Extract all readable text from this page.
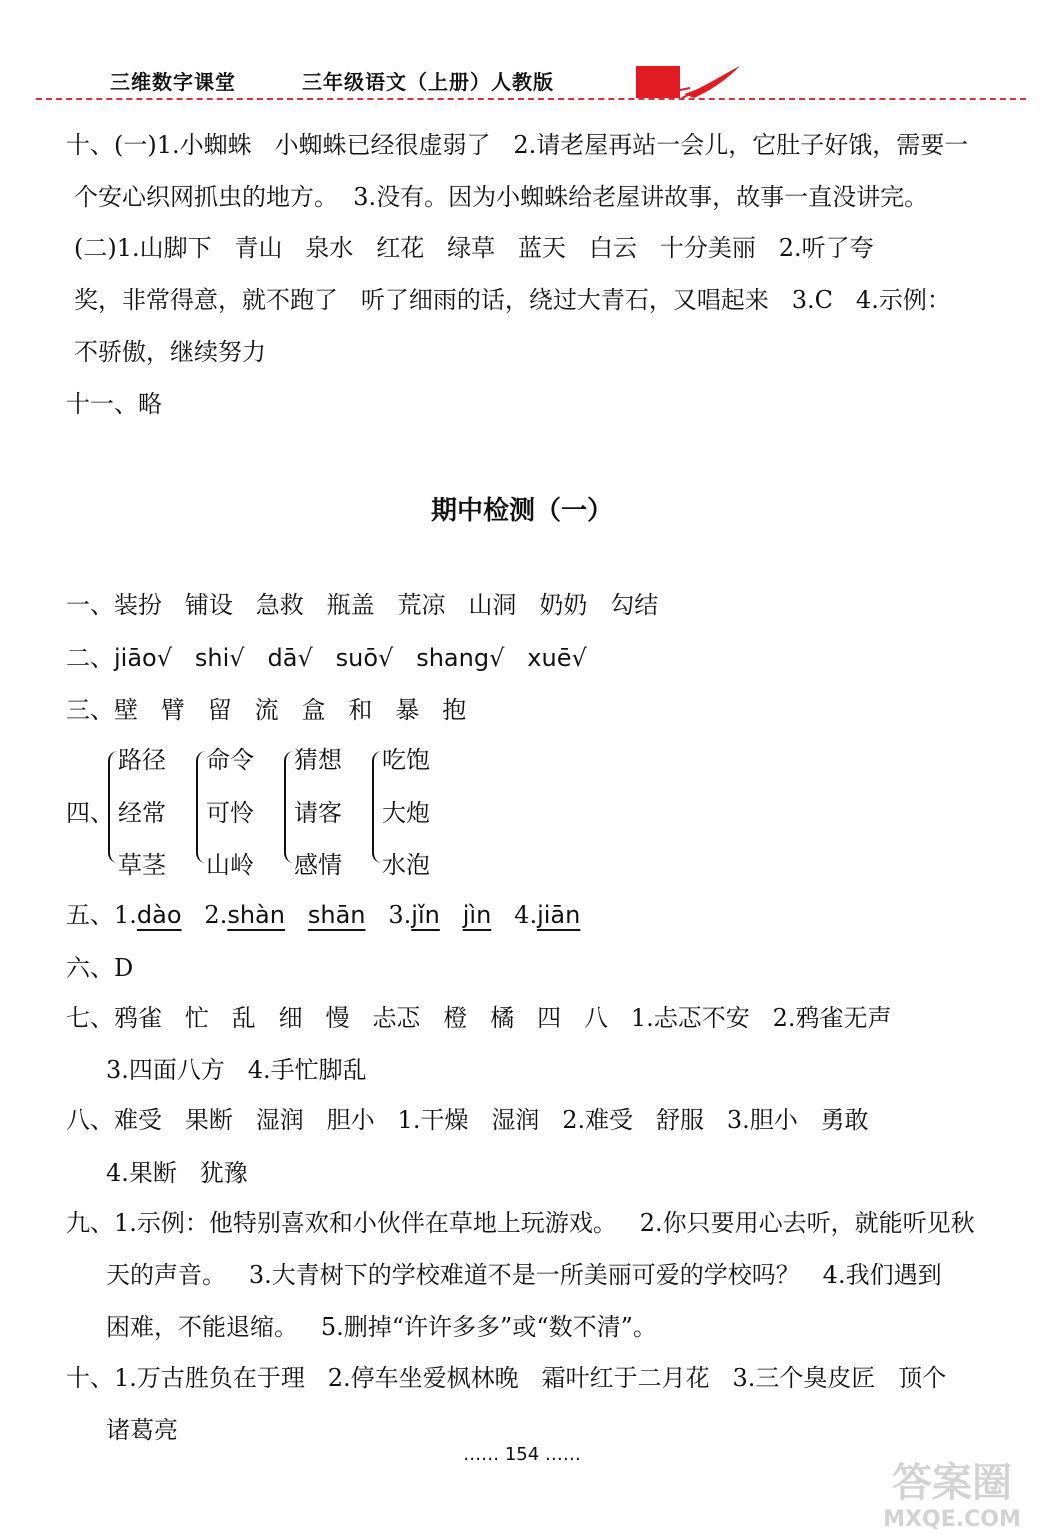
三维数字课堂	三年级语文（上册）人教版
十、(一)1.小蜘蛛   小蜘蛛已经很虚弱了   2.请老屋再站一会儿，它肚子好饿，需要一
个安心织网抓虫的地方。  3.没有。因为小蜘蛛给老屋讲故事，故事一直没讲完。
(二)1.山脚下   青山   泉水   红花   绿草   蓝天   白云   十分美丽   2.听了夸
奖，非常得意，就不跑了   听了细雨的话，绕过大青石，又唱起来   3.C   4.示例：
不骄傲，继续努力
十一、略
期中检测（一）
一、装扮   铺设   急救   瓶盖   荒凉   山洞   奶奶   勾结
二、jiāo√ shi√ dā√ suō√ shang√ xuē√
三、壁   臂   留   流   盒   和   暴   抱
四、
路径
经常
草茎
命令
可怜
山岭
猜想
请客
感情
吃饱
大炮
水泡
五、1.dào 2.shàn shān 3.jǐn jìn 4.jiān
六、D
七、鸦雀   忙   乱   细   慢   忐忑   橙   橘   四   八   1.忐忑不安   2.鸦雀无声
3.四面八方   4.手忙脚乱
八、难受   果断   湿润   胆小   1.干燥   湿润   2.难受   舒服   3.胆小   勇敢
4.果断   犹豫
九、1.示例：他特别喜欢和小伙伴在草地上玩游戏。   2.你只要用心去听，就能听见秋
天的声音。   3.大青树下的学校难道不是一所美丽可爱的学校吗？   4.我们遇到
困难，不能退缩。   5.删掉“许许多多”或“数不清”。
十、1.万古胜负在于理   2.停车坐爱枫林晚   霜叶红于二月花   3.三个臭皮匠   顶个
诸葛亮
…… 154 ……
答案圈
MXQE.COM
